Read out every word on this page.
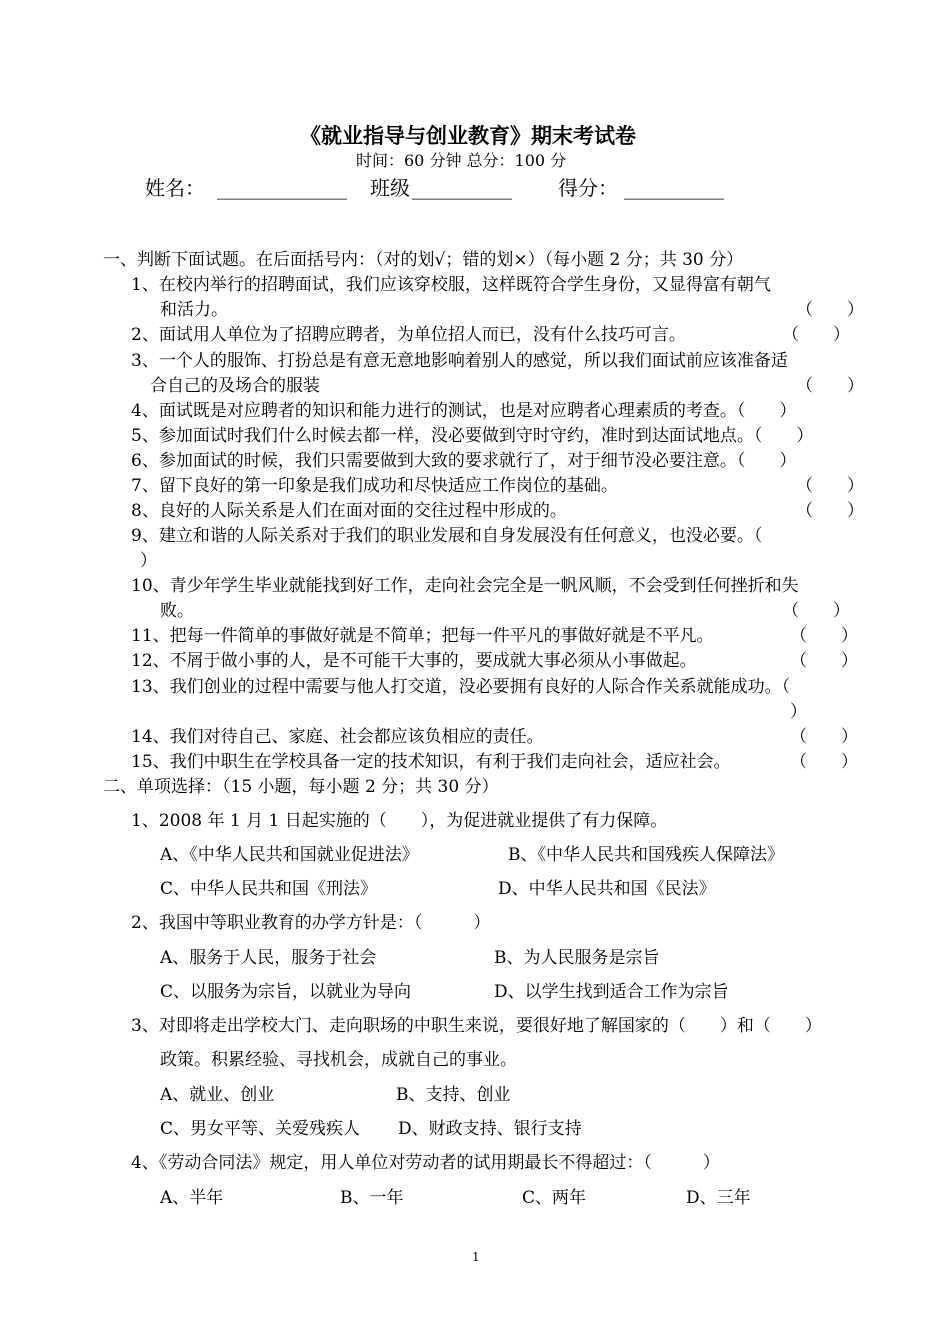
《就业指导与创业教育》期末考试卷
时间：60 分钟 总分：100 分
姓名： _____________ 班级 __________ 得分： __________
一、判断下面试题。在后面括号内：（对的划√；错的划×）（每小题 2 分；共 30 分）
1、在校内举行的招聘面试，我们应该穿校服，这样既符合学生身份，又显得富有朝气
和活力。	（　　）
2、面试用人单位为了招聘应聘者，为单位招人而已，没有什么技巧可言。	（　　）
3、一个人的服饰、打扮总是有意无意地影响着别人的感觉，所以我们面试前应该准备适
合自己的及场合的服装	（　　）
4、面试既是对应聘者的知识和能力进行的测试，也是对应聘者心理素质的考查。（　　）
5、参加面试时我们什么时候去都一样，没必要做到守时守约，准时到达面试地点。（　　）
6、参加面试的时候，我们只需要做到大致的要求就行了，对于细节没必要注意。（　　）
7、留下良好的第一印象是我们成功和尽快适应工作岗位的基础。	（　　）
8、良好的人际关系是人们在面对面的交往过程中形成的。	（　　）
9、建立和谐的人际关系对于我们的职业发展和自身发展没有任何意义，也没必要。（
）
10、青少年学生毕业就能找到好工作，走向社会完全是一帆风顺，不会受到任何挫折和失
败。	（　　）
11、把每一件简单的事做好就是不简单；把每一件平凡的事做好就是不平凡。	（　　）
12、不屑于做小事的人，是不可能干大事的，要成就大事必须从小事做起。	（　　）
13、我们创业的过程中需要与他人打交道，没必要拥有良好的人际合作关系就能成功。（
）
14、我们对待自己、家庭、社会都应该负相应的责任。	（　　）
15、我们中职生在学校具备一定的技术知识，有利于我们走向社会，适应社会。	（　　）
二、单项选择：（15 小题，每小题 2 分；共 30 分）
1、2008 年 1 月 1 日起实施的（　　），为促进就业提供了有力保障。
A、《中华人民共和国就业促进法》	B、《中华人民共和国残疾人保障法》
C、中华人民共和国《刑法》	D、中华人民共和国《民法》
2、我国中等职业教育的办学方针是：（　　　）
A、服务于人民，服务于社会	B、为人民服务是宗旨
C、以服务为宗旨，以就业为导向	D、以学生找到适合工作为宗旨
3、对即将走出学校大门、走向职场的中职生来说，要很好地了解国家的（　　）和（　　）
政策。积累经验、寻找机会，成就自己的事业。
A、就业、创业	B、支持、创业
C、男女平等、关爱残疾人 D、财政支持、银行支持
4、《劳动合同法》规定，用人单位对劳动者的试用期最长不得超过：（　　　）
A、半年	B、一年	C、两年	D、三年
1
